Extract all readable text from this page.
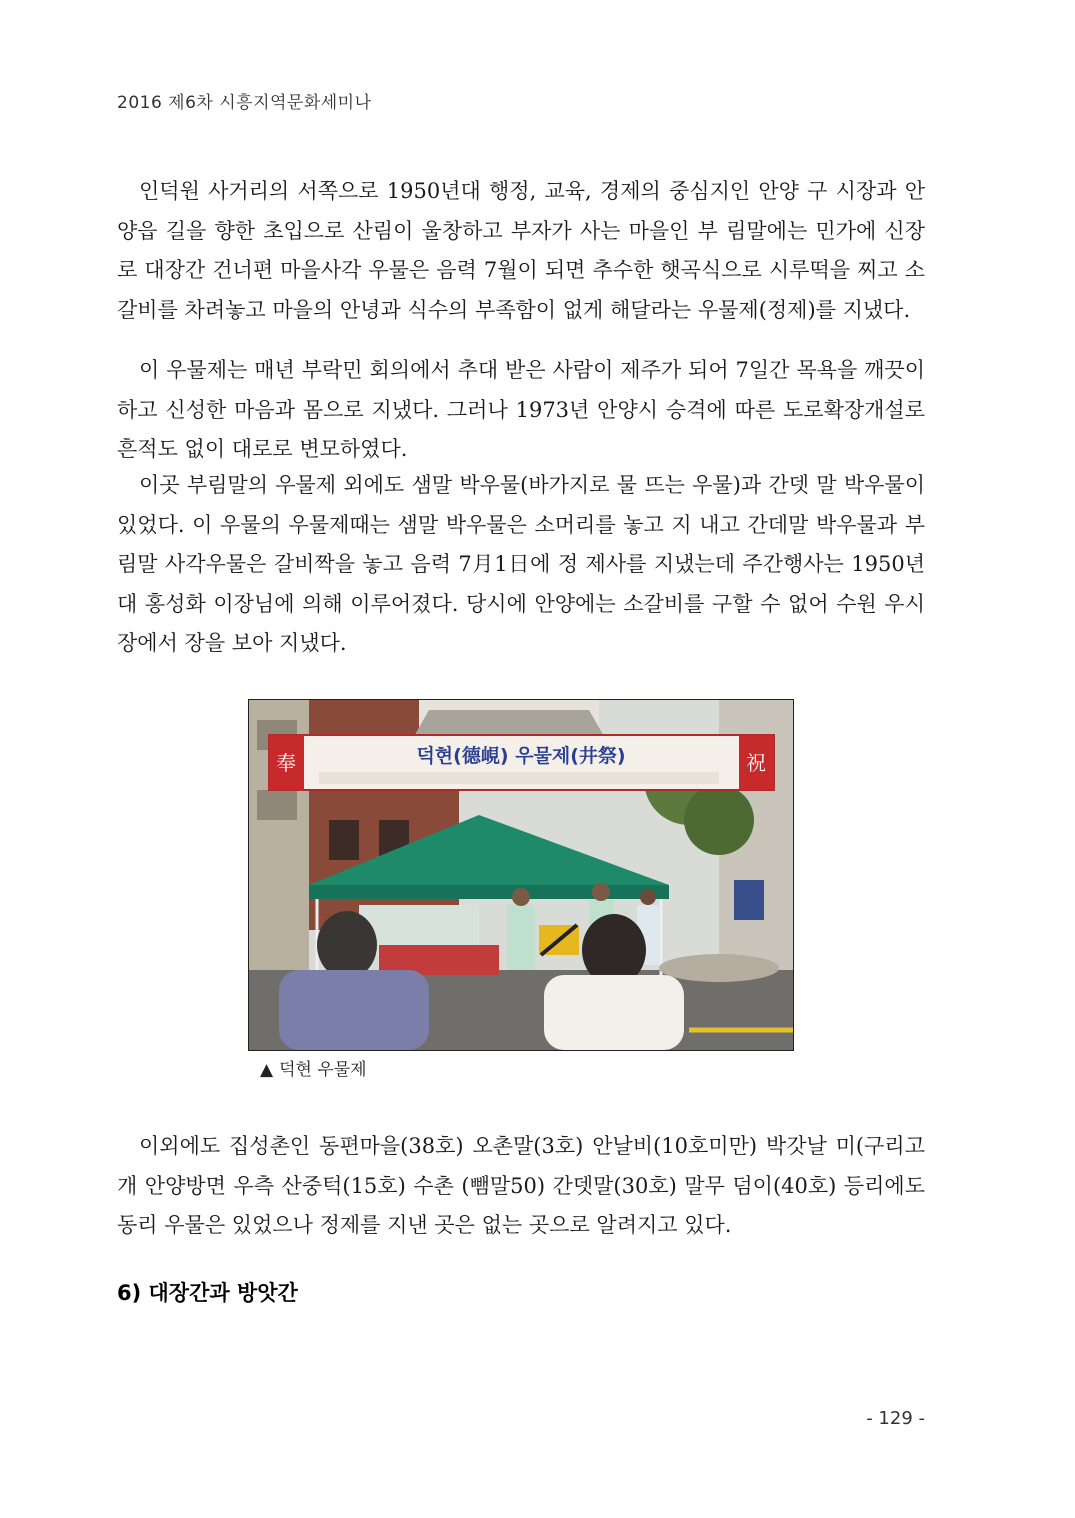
2016 제6차 시흥지역문화세미나

인덕원 사거리의 서쪽으로 1950년대 행정, 교육, 경제의 중심지인 안양 구 시장과 안양읍 길을 향한 초입으로 산림이 울창하고 부자가 사는 마을인 부 림말에는 민가에 신장로 대장간 건너편 마을사각 우물은 음력 7월이 되면 추수한 햇곡식으로 시루떡을 찌고 소갈비를 차려놓고 마을의 안녕과 식수의 부족함이 없게 해달라는 우물제(정제)를 지냈다.

이 우물제는 매년 부락민 회의에서 추대 받은 사람이 제주가 되어 7일간 목욕을 깨끗이 하고 신성한 마음과 몸으로 지냈다. 그러나 1973년 안양시 승격에 따른 도로확장개설로 흔적도 없이 대로로 변모하였다.

이곳 부림말의 우물제 외에도 샘말 박우물(바가지로 물 뜨는 우물)과 간뎃 말 박우물이 있었다. 이 우물의 우물제때는 샘말 박우물은 소머리를 놓고 지 내고 간데말 박우물과 부림말 사각우물은 갈비짝을 놓고 음력 7月1日에 정 제사를 지냈는데 주간행사는 1950년대 홍성화 이장님에 의해 이루어졌다. 당시에 안양에는 소갈비를 구할 수 없어 수원 우시장에서 장을 보아 지냈다.

奉	祝
덕현(德峴) 우물제(井祭)
▲ 덕현 우물제

이외에도 집성촌인 동편마을(38호) 오촌말(3호) 안날비(10호미만) 박갓날 미(구리고개 안양방면 우측 산중턱(15호) 수촌 (뺌말50) 간뎃말(30호) 말무 덤이(40호) 등리에도 동리 우물은 있었으나 정제를 지낸 곳은 없는 곳으로 알려지고 있다.

6) 대장간과 방앗간
- 129 -
